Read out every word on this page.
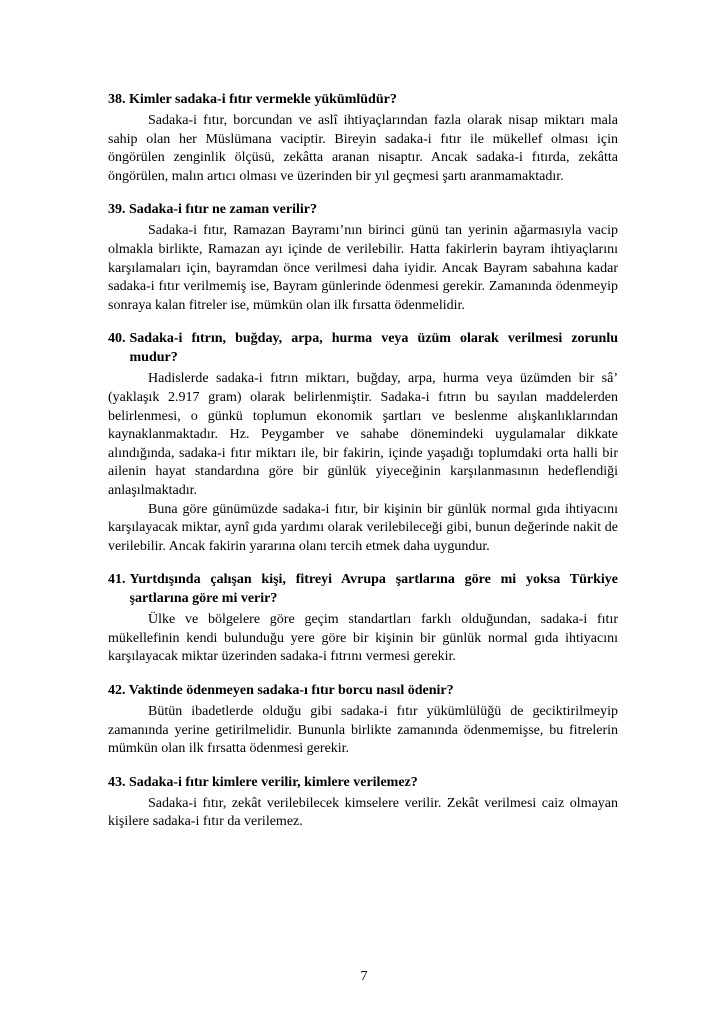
38. Kimler sadaka-i fıtır vermekle yükümlüdür?

Sadaka-i fıtır, borcundan ve aslî ihtiyaçlarından fazla olarak nisap miktarı mala sahip olan her Müslümana vaciptir. Bireyin sadaka-i fıtır ile mükellef olması için öngörülen zenginlik ölçüsü, zekâtta aranan nisaptır. Ancak sadaka-i fıtırda, zekâtta öngörülen, malın artıcı olması ve üzerinden bir yıl geçmesi şartı aranmamaktadır.

39. Sadaka-i fıtır ne zaman verilir?

Sadaka-i fıtır, Ramazan Bayramı’nın birinci günü tan yerinin ağarmasıyla vacip olmakla birlikte, Ramazan ayı içinde de verilebilir. Hatta fakirlerin bayram ihtiyaçlarını karşılamaları için, bayramdan önce verilmesi daha iyidir. Ancak Bayram sabahına kadar sadaka-i fıtır verilmemiş ise, Bayram günlerinde ödenmesi gerekir. Zamanında ödenmeyip sonraya kalan fitreler ise, mümkün olan ilk fırsatta ödenmelidir.

40. Sadaka-i fıtrın, buğday, arpa, hurma veya üzüm olarak verilmesi zorunlu mudur?

Hadislerde sadaka-i fıtrın miktarı, buğday, arpa, hurma veya üzümden bir sâ’ (yaklaşık 2.917 gram) olarak belirlenmiştir. Sadaka-i fıtrın bu sayılan maddelerden belirlenmesi, o günkü toplumun ekonomik şartları ve beslenme alışkanlıklarından kaynaklanmaktadır. Hz. Peygamber ve sahabe dönemindeki uygulamalar dikkate alındığında, sadaka-i fıtır miktarı ile, bir fakirin, içinde yaşadığı toplumdaki orta halli bir ailenin hayat standardına göre bir günlük yiyeceğinin karşılanmasının hedeflendiği anlaşılmaktadır.

Buna göre günümüzde sadaka-i fıtır, bir kişinin bir günlük normal gıda ihtiyacını karşılayacak miktar, aynî gıda yardımı olarak verilebileceği gibi, bunun değerinde nakit de verilebilir. Ancak fakirin yararına olanı tercih etmek daha uygundur.

41. Yurtdışında çalışan kişi, fitreyi Avrupa şartlarına göre mi yoksa Türkiye şartlarına göre mi verir?

Ülke ve bölgelere göre geçim standartları farklı olduğundan, sadaka-i fıtır mükellefinin kendi bulunduğu yere göre bir kişinin bir günlük normal gıda ihtiyacını karşılayacak miktar üzerinden sadaka-i fıtrını vermesi gerekir.

42. Vaktinde ödenmeyen sadaka-ı fıtır borcu nasıl ödenir?

Bütün ibadetlerde olduğu gibi sadaka-i fıtır yükümlülüğü de geciktirilmeyip zamanında yerine getirilmelidir. Bununla birlikte zamanında ödenmemişse, bu fitrelerin mümkün olan ilk fırsatta ödenmesi gerekir.

43. Sadaka-i fıtır kimlere verilir, kimlere verilemez?

Sadaka-i fıtır, zekât verilebilecek kimselere verilir. Zekât verilmesi caiz olmayan kişilere sadaka-i fıtır da verilemez.

7
